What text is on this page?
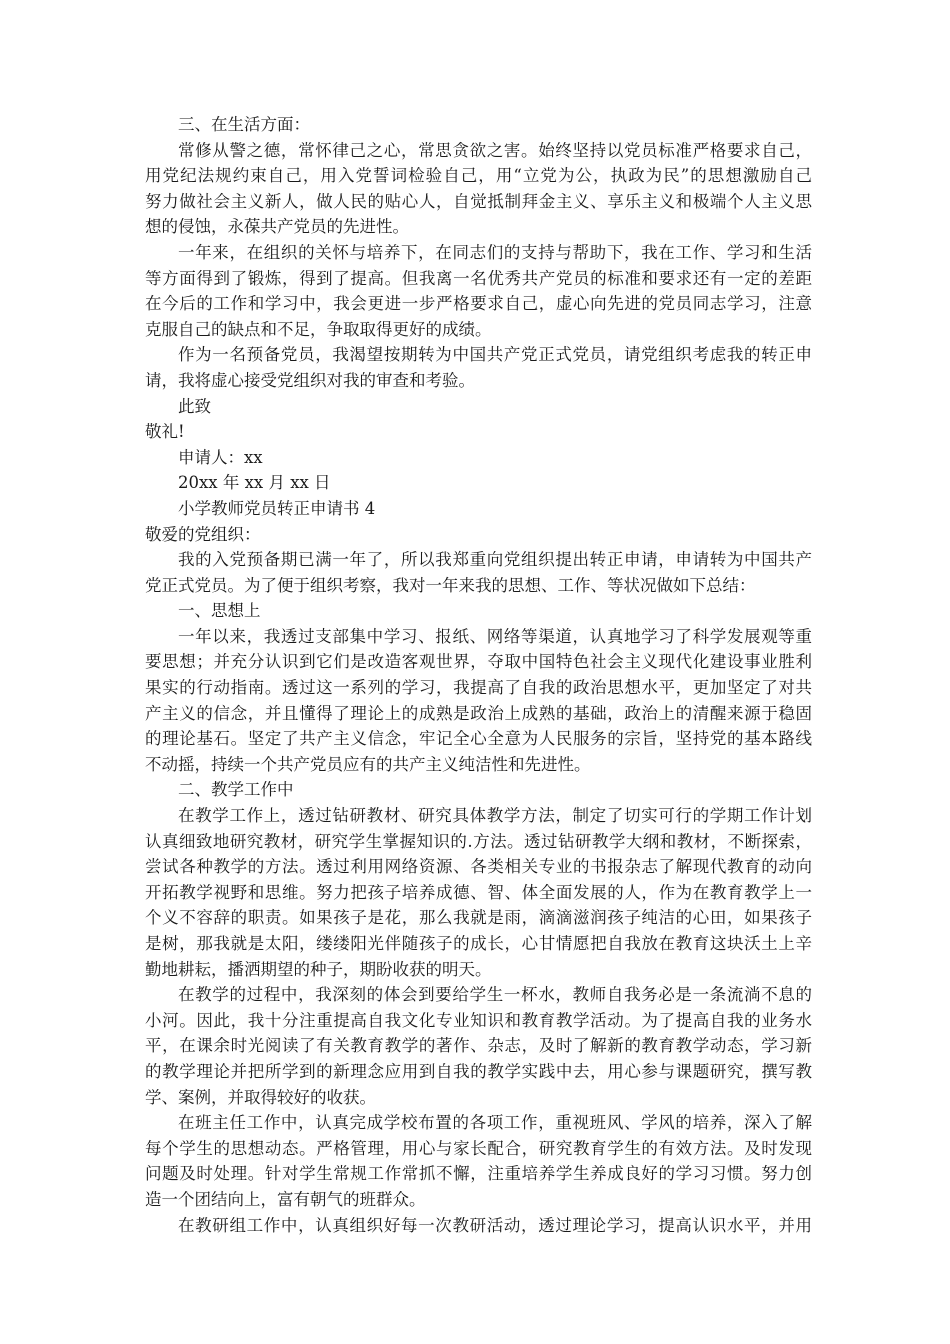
三、在生活方面：
常修从警之德，常怀律己之心，常思贪欲之害。始终坚持以党员标准严格要求自己，
用党纪法规约束自己，用入党誓词检验自己，用“立党为公，执政为民”的思想激励自己
努力做社会主义新人，做人民的贴心人，自觉抵制拜金主义、享乐主义和极端个人主义思
想的侵蚀，永葆共产党员的先进性。
一年来，在组织的关怀与培养下，在同志们的支持与帮助下，我在工作、学习和生活
等方面得到了锻炼，得到了提高。但我离一名优秀共产党员的标准和要求还有一定的差距
在今后的工作和学习中，我会更进一步严格要求自己，虚心向先进的党员同志学习，注意
克服自己的缺点和不足，争取取得更好的成绩。
作为一名预备党员，我渴望按期转为中国共产党正式党员，请党组织考虑我的转正申
请，我将虚心接受党组织对我的审查和考验。
此致
敬礼!
申请人：xx
20xx 年 xx 月 xx 日
小学教师党员转正申请书 4
敬爱的党组织：
我的入党预备期已满一年了，所以我郑重向党组织提出转正申请，申请转为中国共产
党正式党员。为了便于组织考察，我对一年来我的思想、工作、等状况做如下总结：
一、思想上
一年以来，我透过支部集中学习、报纸、网络等渠道，认真地学习了科学发展观等重
要思想；并充分认识到它们是改造客观世界，夺取中国特色社会主义现代化建设事业胜利
果实的行动指南。透过这一系列的学习，我提高了自我的政治思想水平，更加坚定了对共
产主义的信念，并且懂得了理论上的成熟是政治上成熟的基础，政治上的清醒来源于稳固
的理论基石。坚定了共产主义信念，牢记全心全意为人民服务的宗旨，坚持党的基本路线
不动摇，持续一个共产党员应有的共产主义纯洁性和先进性。
二、教学工作中
在教学工作上，透过钻研教材、研究具体教学方法，制定了切实可行的学期工作计划
认真细致地研究教材，研究学生掌握知识的.方法。透过钻研教学大纲和教材，不断探索，
尝试各种教学的方法。透过利用网络资源、各类相关专业的书报杂志了解现代教育的动向
开拓教学视野和思维。努力把孩子培养成德、智、体全面发展的人，作为在教育教学上一
个义不容辞的职责。如果孩子是花，那么我就是雨，滴滴滋润孩子纯洁的心田，如果孩子
是树，那我就是太阳，缕缕阳光伴随孩子的成长，心甘情愿把自我放在教育这块沃土上辛
勤地耕耘，播洒期望的种子，期盼收获的明天。
在教学的过程中，我深刻的体会到要给学生一杯水，教师自我务必是一条流淌不息的
小河。因此，我十分注重提高自我文化专业知识和教育教学活动。为了提高自我的业务水
平，在课余时光阅读了有关教育教学的著作、杂志，及时了解新的教育教学动态，学习新
的教学理论并把所学到的新理念应用到自我的教学实践中去，用心参与课题研究，撰写教
学、案例，并取得较好的收获。
在班主任工作中，认真完成学校布置的各项工作，重视班风、学风的培养，深入了解
每个学生的思想动态。严格管理，用心与家长配合，研究教育学生的有效方法。及时发现
问题及时处理。针对学生常规工作常抓不懈，注重培养学生养成良好的学习习惯。努力创
造一个团结向上，富有朝气的班群众。
在教研组工作中，认真组织好每一次教研活动，透过理论学习，提高认识水平，并用
